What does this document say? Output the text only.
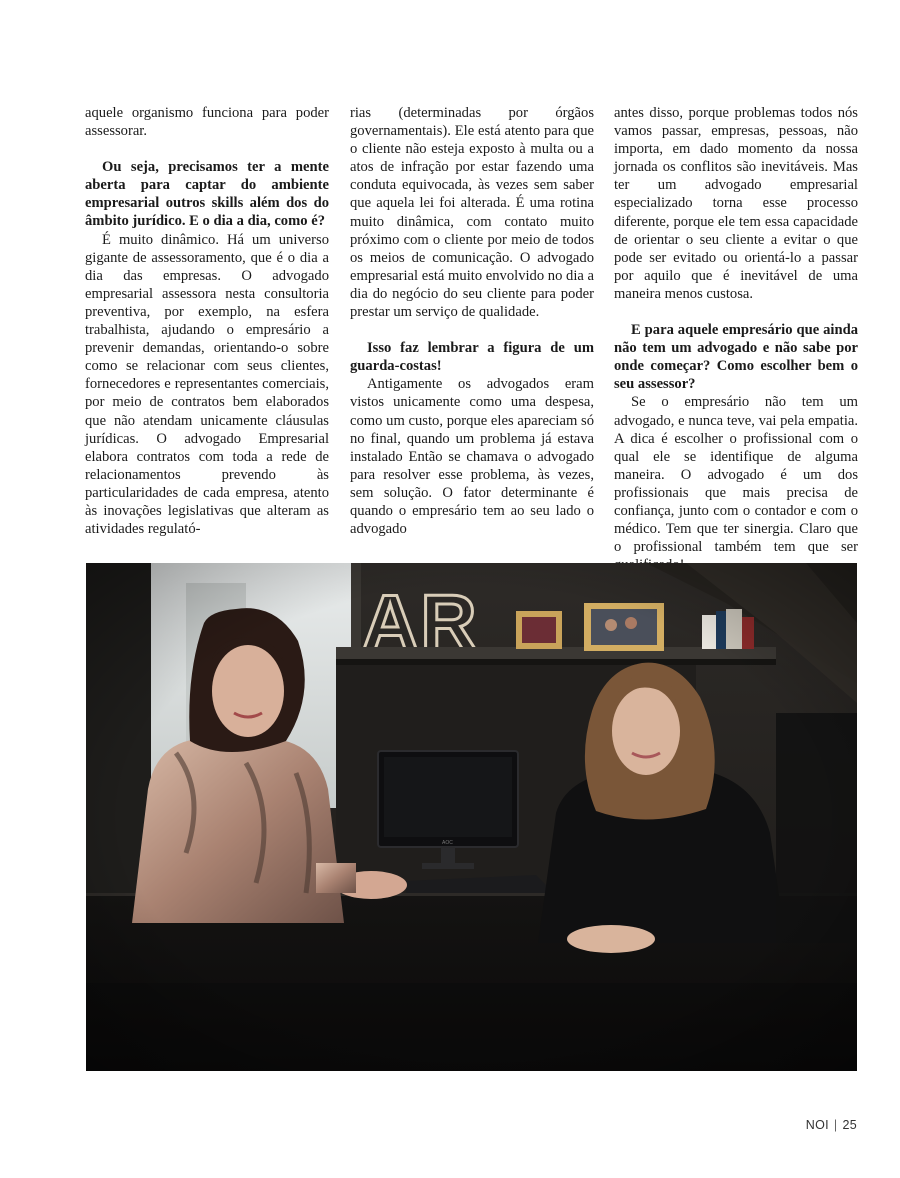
aquele organismo funciona para poder assessorar.

Ou seja, precisamos ter a mente aberta para captar do ambiente empresarial outros skills além dos do âmbito jurídico. E o dia a dia, como é?

É muito dinâmico. Há um universo gigante de assessoramento, que é o dia a dia das empresas. O advogado empresarial assessora nesta consultoria preventiva, por exemplo, na esfera trabalhista, ajudando o empresário a prevenir demandas, orientando-o sobre como se relacionar com seus clientes, fornecedores e representantes comerciais, por meio de contratos bem elaborados que não atendam unicamente cláusulas jurídicas. O advogado Empresarial elabora contratos com toda a rede de relacionamentos prevendo às particularidades de cada empresa, atento às inovações legislativas que alteram as atividades regulató-

rias (determinadas por órgãos governamentais). Ele está atento para que o cliente não esteja exposto à multa ou a atos de infração por estar fazendo uma conduta equivocada, às vezes sem saber que aquela lei foi alterada. É uma rotina muito dinâmica, com contato muito próximo com o cliente por meio de todos os meios de comunicação. O advogado empresarial está muito envolvido no dia a dia do negócio do seu cliente para poder prestar um serviço de qualidade.

Isso faz lembrar a figura de um guarda-costas!

Antigamente os advogados eram vistos unicamente como uma despesa, como um custo, porque eles apareciam só no final, quando um problema já estava instalado Então se chamava o advogado para resolver esse problema, às vezes, sem solução. O fator determinante é quando o empresário tem ao seu lado o advogado

antes disso, porque problemas todos nós vamos passar, empresas, pessoas, não importa, em dado momento da nossa jornada os conflitos são inevitáveis. Mas ter um advogado empresarial especializado torna esse processo diferente, porque ele tem essa capacidade de orientar o seu cliente a evitar o que pode ser evitado ou orientá-lo a passar por aquilo que é inevitável de uma maneira menos custosa.

E para aquele empresário que ainda não tem um advogado e não sabe por onde começar? Como escolher bem o seu assessor?

Se o empresário não tem um advogado, e nunca teve, vai pela empatia. A dica é escolher o profissional com o qual ele se identifique de alguma maneira. O advogado é um dos profissionais que mais precisa de confiança, junto com o contador e com o médico. Tem que ter sinergia. Claro que o profissional também tem que ser

NOI | 25
